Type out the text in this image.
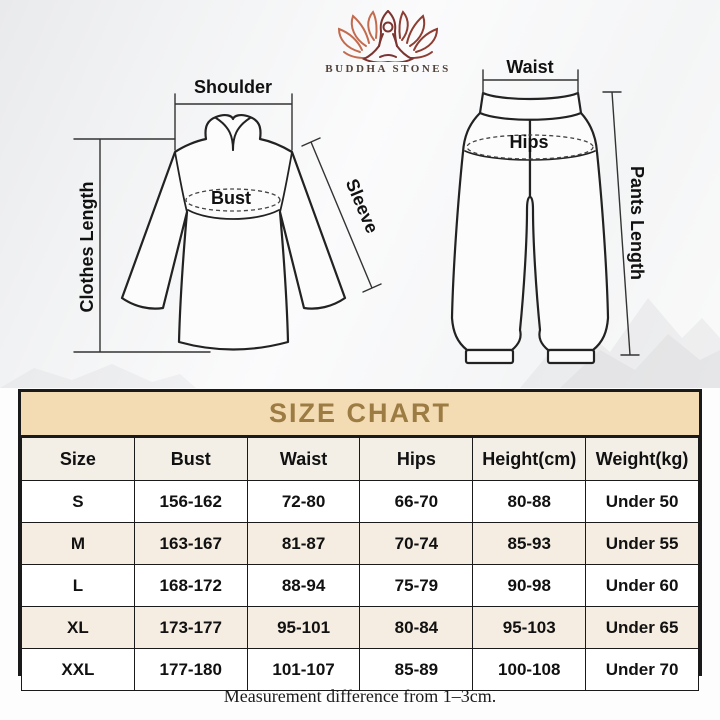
Shoulder
Bust	Sleeve
Clothes Length
Waist
Hips
Pants Length
BUDDHA STONES
SIZE CHART
Size	Bust	Waist	Hips	Height(cm)	Weight(kg)
S	156-162	72-80	66-70	80-88	Under 50
M	163-167	81-87	70-74	85-93	Under 55
L	168-172	88-94	75-79	90-98	Under 60
XL	173-177	95-101	80-84	95-103	Under 65
XXL	177-180	101-107	85-89	100-108	Under 70
Measurement difference from 1–3cm.
